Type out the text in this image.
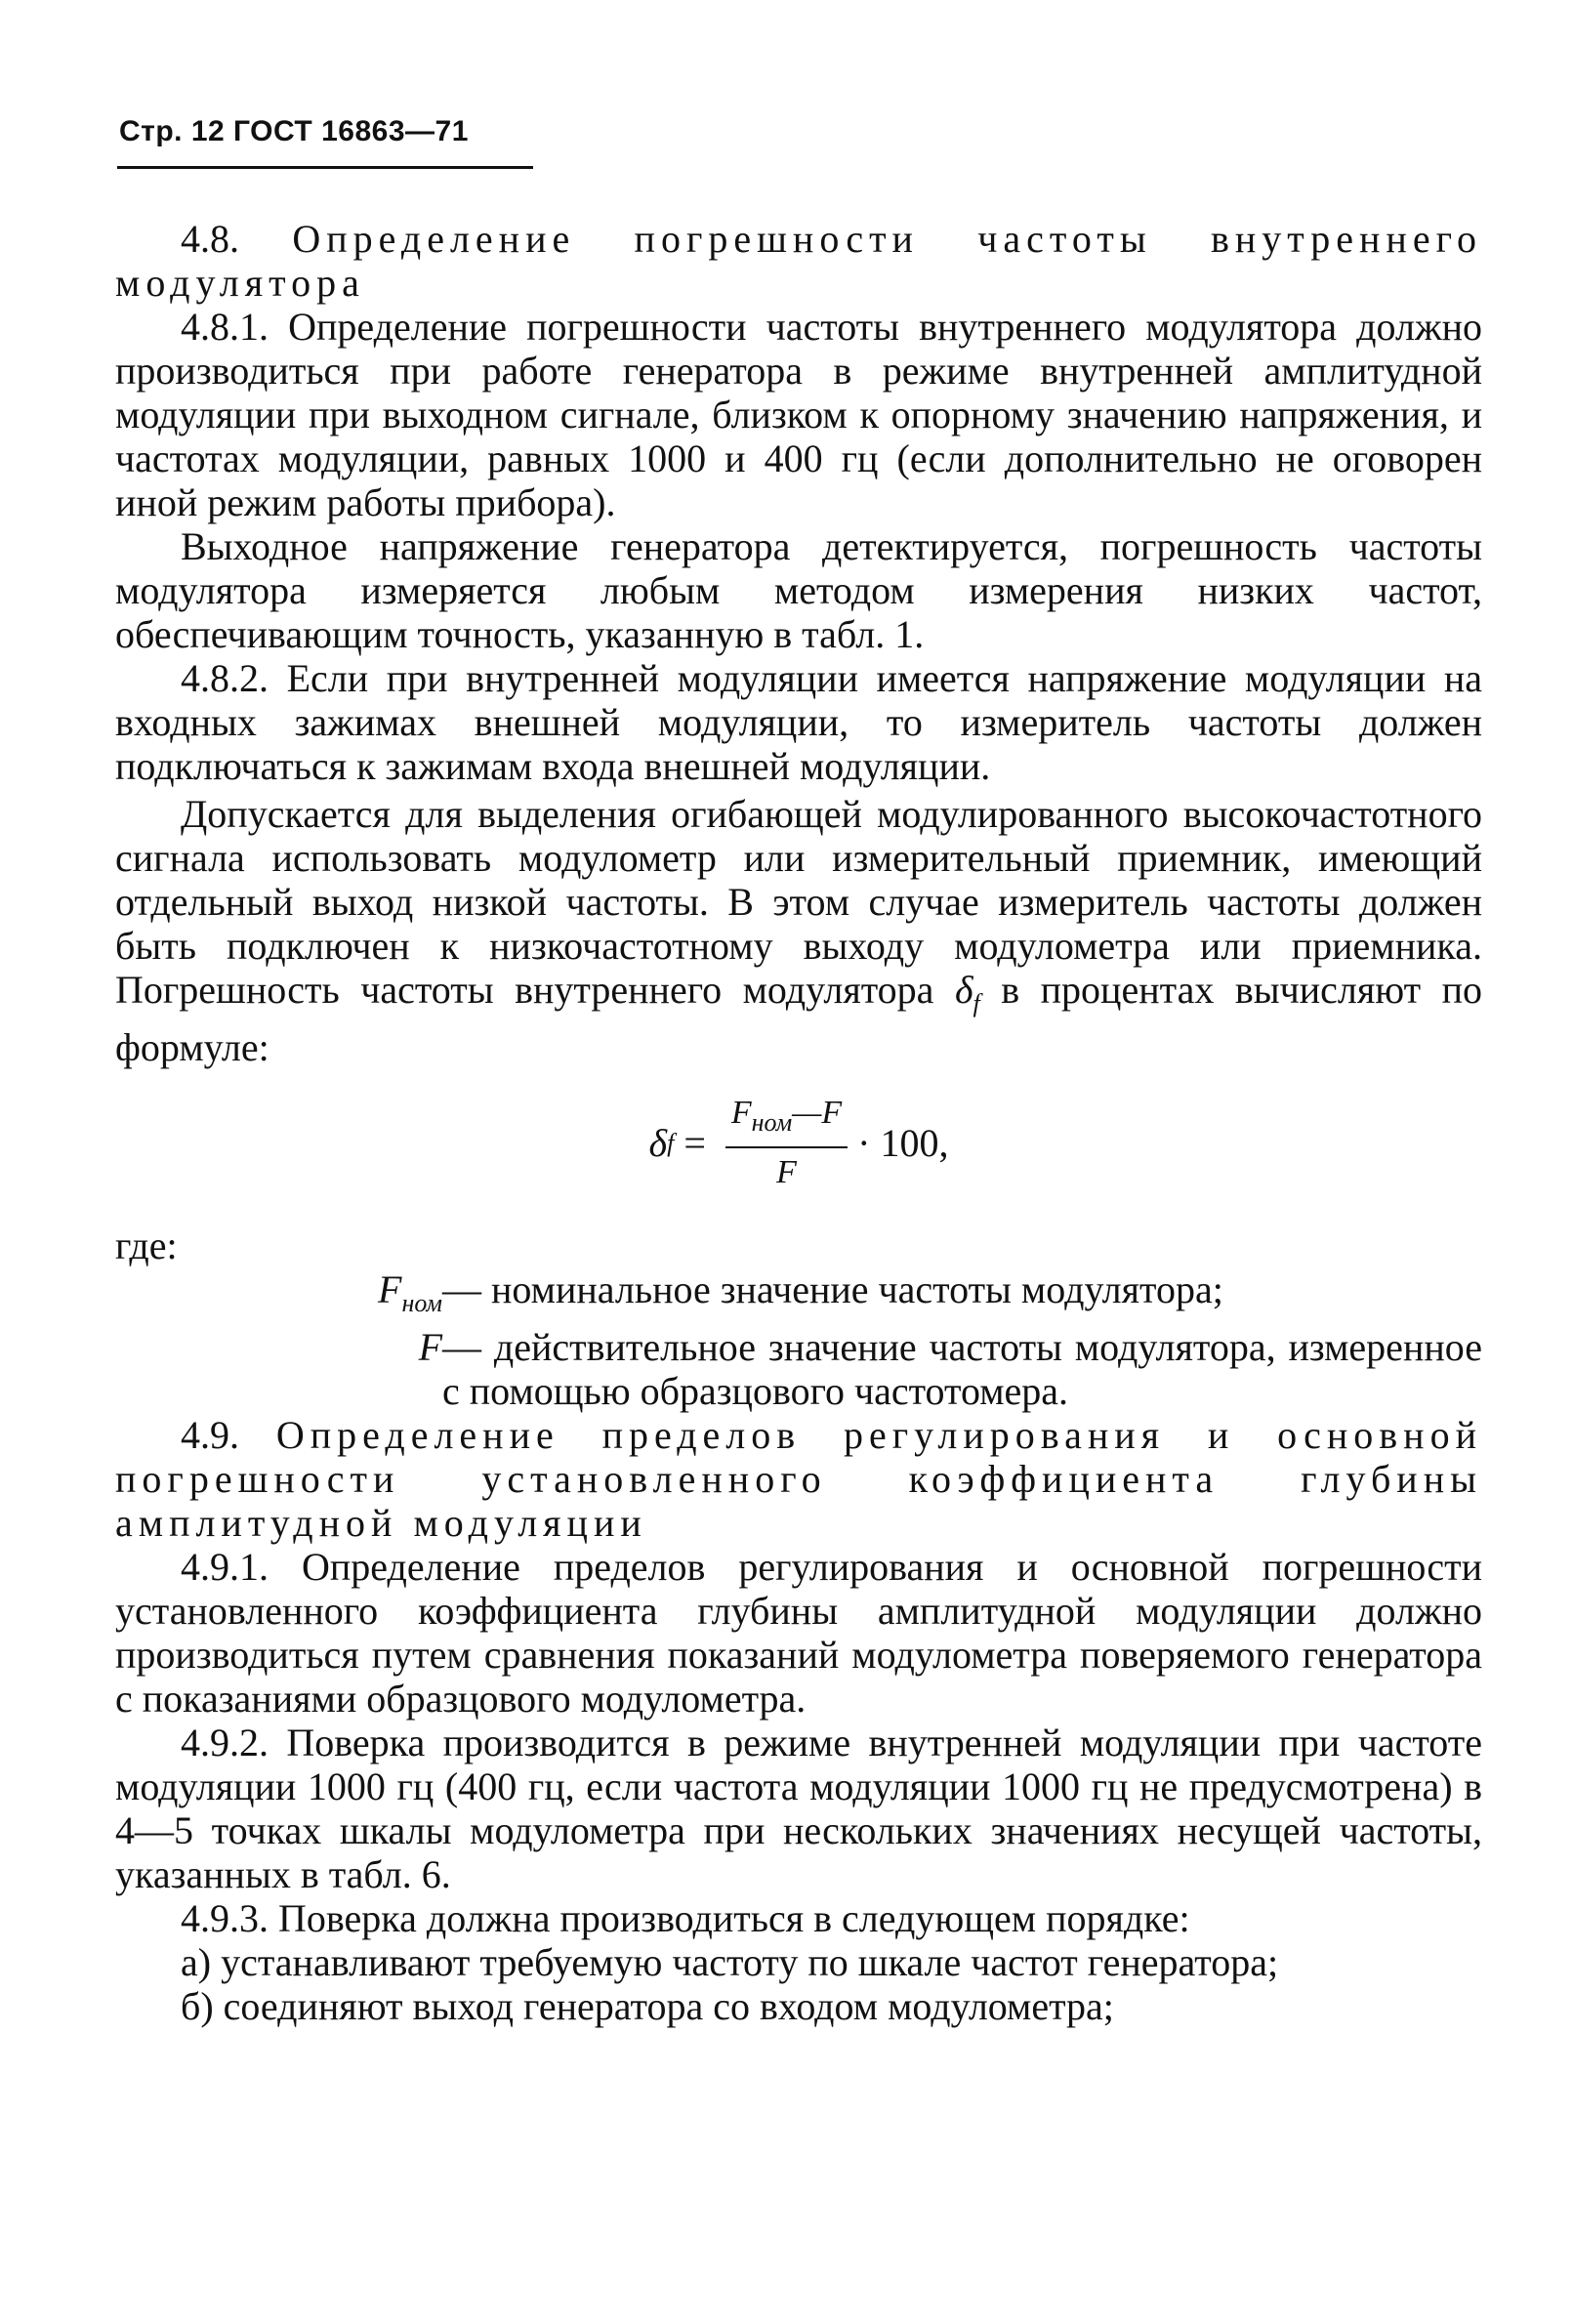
Стр. 12 ГОСТ 16863—71

4.8. Определение погрешности частоты внутреннего модулятора

4.8.1. Определение погрешности частоты внутреннего модулятора должно производиться при работе генератора в режиме внутренней амплитудной модуляции при выходном сигнале, близком к опорному значению напряжения, и частотах модуляции, равных 1000 и 400 гц (если дополнительно не оговорен иной режим работы прибора).

Выходное напряжение генератора детектируется, погрешность частоты модулятора измеряется любым методом измерения низких частот, обеспечивающим точность, указанную в табл. 1.

4.8.2. Если при внутренней модуляции имеется напряжение модуляции на входных зажимах внешней модуляции, то измеритель частоты должен подключаться к зажимам входа внешней модуляции.

Допускается для выделения огибающей модулированного высокочастотного сигнала использовать модулометр или измерительный приемник, имеющий отдельный выход низкой частоты. В этом случае измеритель частоты должен быть подключен к низкочастотному выходу модулометра или приемника. Погрешность частоты внутреннего модулятора $\delta_f$ в процентах вычисляют по формуле:

δ $f = \frac{F_{ном}—F}{F} \cdot 100$,

где:

$F_{ном}$ — номинальное значение частоты модулятора;
F — действительное значение частоты модулятора, измеренное с помощью образцового частотомера.

4.9. Определение пределов регулирования и основной погрешности установленного коэффициента глубины амплитудной модуляции

4.9.1. Определение пределов регулирования и основной погрешности установленного коэффициента глубины амплитудной модуляции должно производиться путем сравнения показаний модулометра поверяемого генератора с показаниями образцового модулометра.

4.9.2. Поверка производится в режиме внутренней модуляции при частоте модуляции 1000 гц (400 гц, если частота модуляции 1000 гц не предусмотрена) в 4—5 точках шкалы модулометра при нескольких значениях несущей частоты, указанных в табл. 6.

4.9.3. Поверка должна производиться в следующем порядке:

а) устанавливают требуемую частоту по шкале частот генератора;

б) соединяют выход генератора со входом модулометра;
